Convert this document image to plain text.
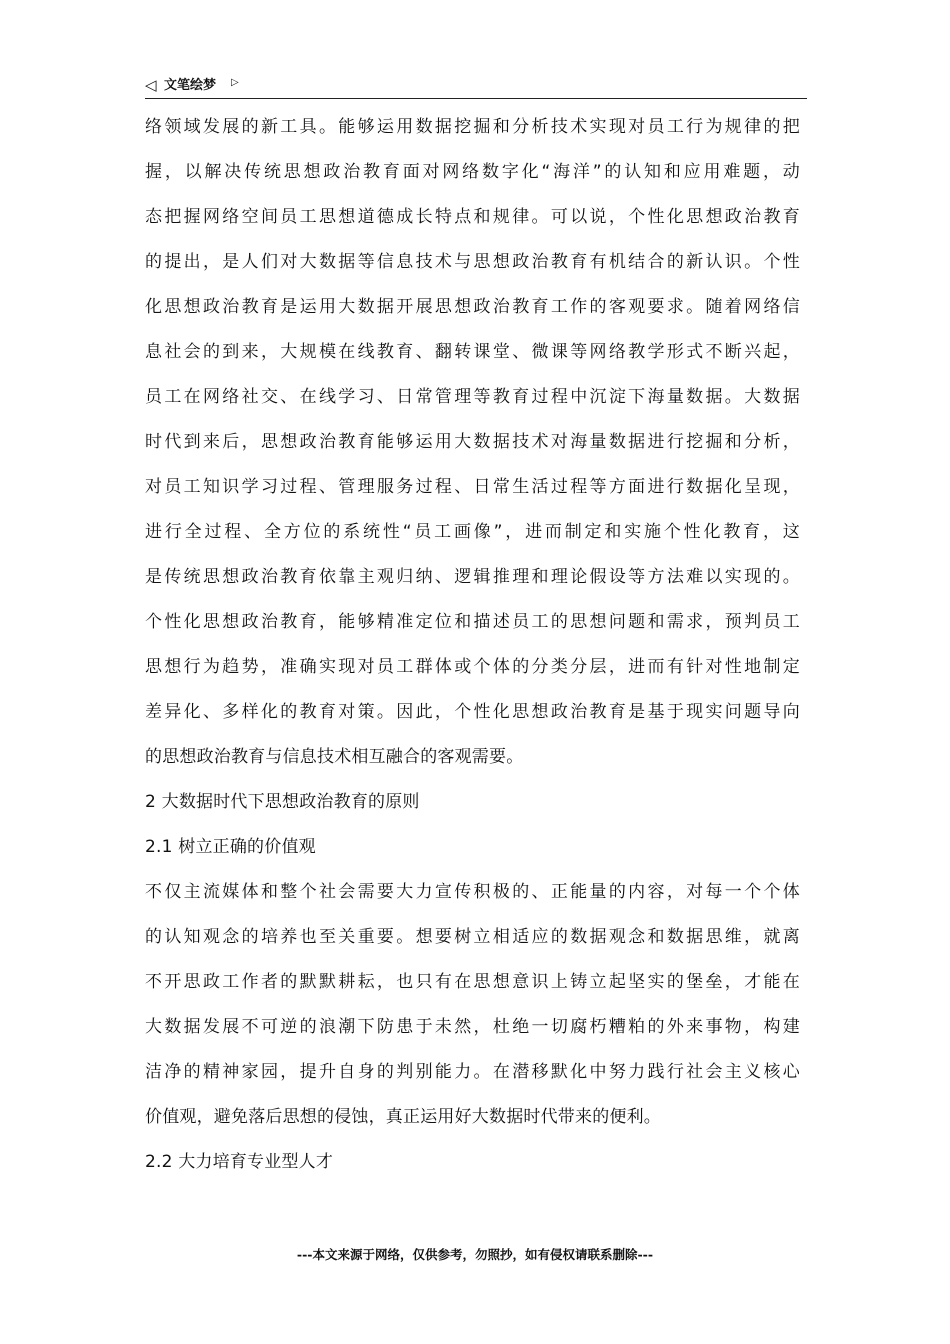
◁ 文笔绘梦 ▷
络领域发展的新工具。能够运用数据挖掘和分析技术实现对员工行为规律的把
握，以解决传统思想政治教育面对网络数字化“海洋”的认知和应用难题，动
态把握网络空间员工思想道德成长特点和规律。可以说，个性化思想政治教育
的提出，是人们对大数据等信息技术与思想政治教育有机结合的新认识。个性
化思想政治教育是运用大数据开展思想政治教育工作的客观要求。随着网络信
息社会的到来，大规模在线教育、翻转课堂、微课等网络教学形式不断兴起，
员工在网络社交、在线学习、日常管理等教育过程中沉淀下海量数据。大数据
时代到来后，思想政治教育能够运用大数据技术对海量数据进行挖掘和分析，
对员工知识学习过程、管理服务过程、日常生活过程等方面进行数据化呈现，
进行全过程、全方位的系统性“员工画像”，进而制定和实施个性化教育，这
是传统思想政治教育依靠主观归纳、逻辑推理和理论假设等方法难以实现的。
个性化思想政治教育，能够精准定位和描述员工的思想问题和需求，预判员工
思想行为趋势，准确实现对员工群体或个体的分类分层，进而有针对性地制定
差异化、多样化的教育对策。因此，个性化思想政治教育是基于现实问题导向
的思想政治教育与信息技术相互融合的客观需要。
2 大数据时代下思想政治教育的原则
2.1 树立正确的价值观
不仅主流媒体和整个社会需要大力宣传积极的、正能量的内容，对每一个个体
的认知观念的培养也至关重要。想要树立相适应的数据观念和数据思维，就离
不开思政工作者的默默耕耘，也只有在思想意识上铸立起坚实的堡垒，才能在
大数据发展不可逆的浪潮下防患于未然，杜绝一切腐朽糟粕的外来事物，构建
洁净的精神家园，提升自身的判别能力。在潜移默化中努力践行社会主义核心
价值观，避免落后思想的侵蚀，真正运用好大数据时代带来的便利。
2.2 大力培育专业型人才
---本文来源于网络，仅供参考，勿照抄，如有侵权请联系删除---
